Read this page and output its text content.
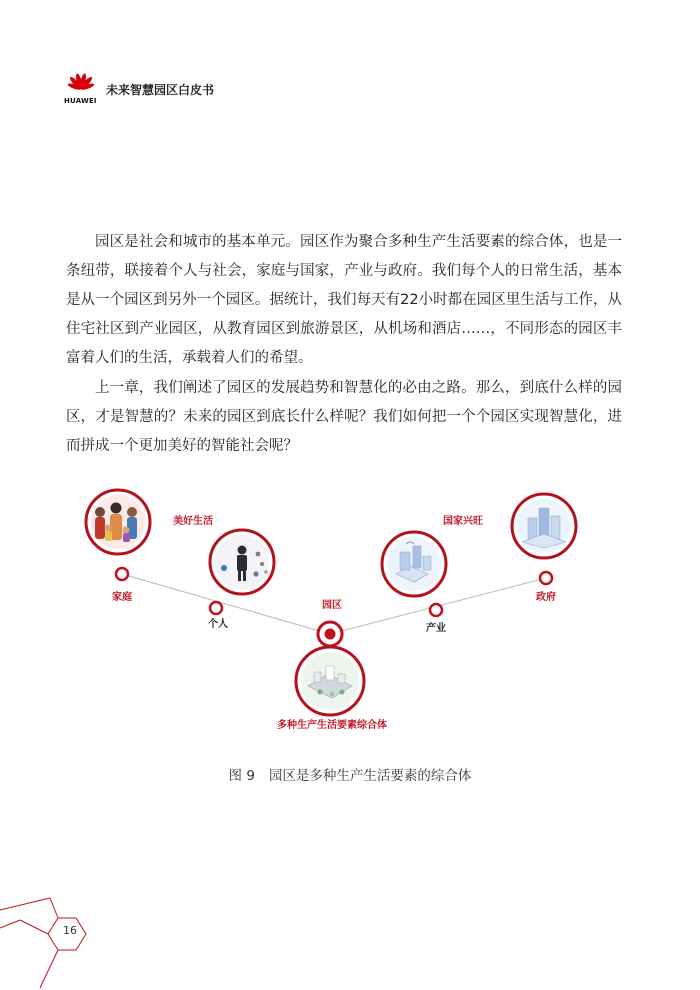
HUAWEI
未来智慧园区白皮书

园区是社会和城市的基本单元。园区作为聚合多种生产生活要素的综合体，也是一条纽带，联接着个人与社会，家庭与国家，产业与政府。我们每个人的日常生活，基本是从一个园区到另外一个园区。据统计，我们每天有22小时都在园区里生活与工作，从住宅社区到产业园区，从教育园区到旅游景区，从机场和酒店……，不同形态的园区丰富着人们的生活，承载着人们的希望。

上一章，我们阐述了园区的发展趋势和智慧化的必由之路。那么，到底什么样的园区，才是智慧的？未来的园区到底长什么样呢？我们如何把一个个园区实现智慧化，进而拼成一个更加美好的智能社会呢？

家庭
个人
美好生活
园区
多种生产生活要素综合体
国家兴旺
产业
政府
图 9 园区是多种生产生活要素的综合体
16
